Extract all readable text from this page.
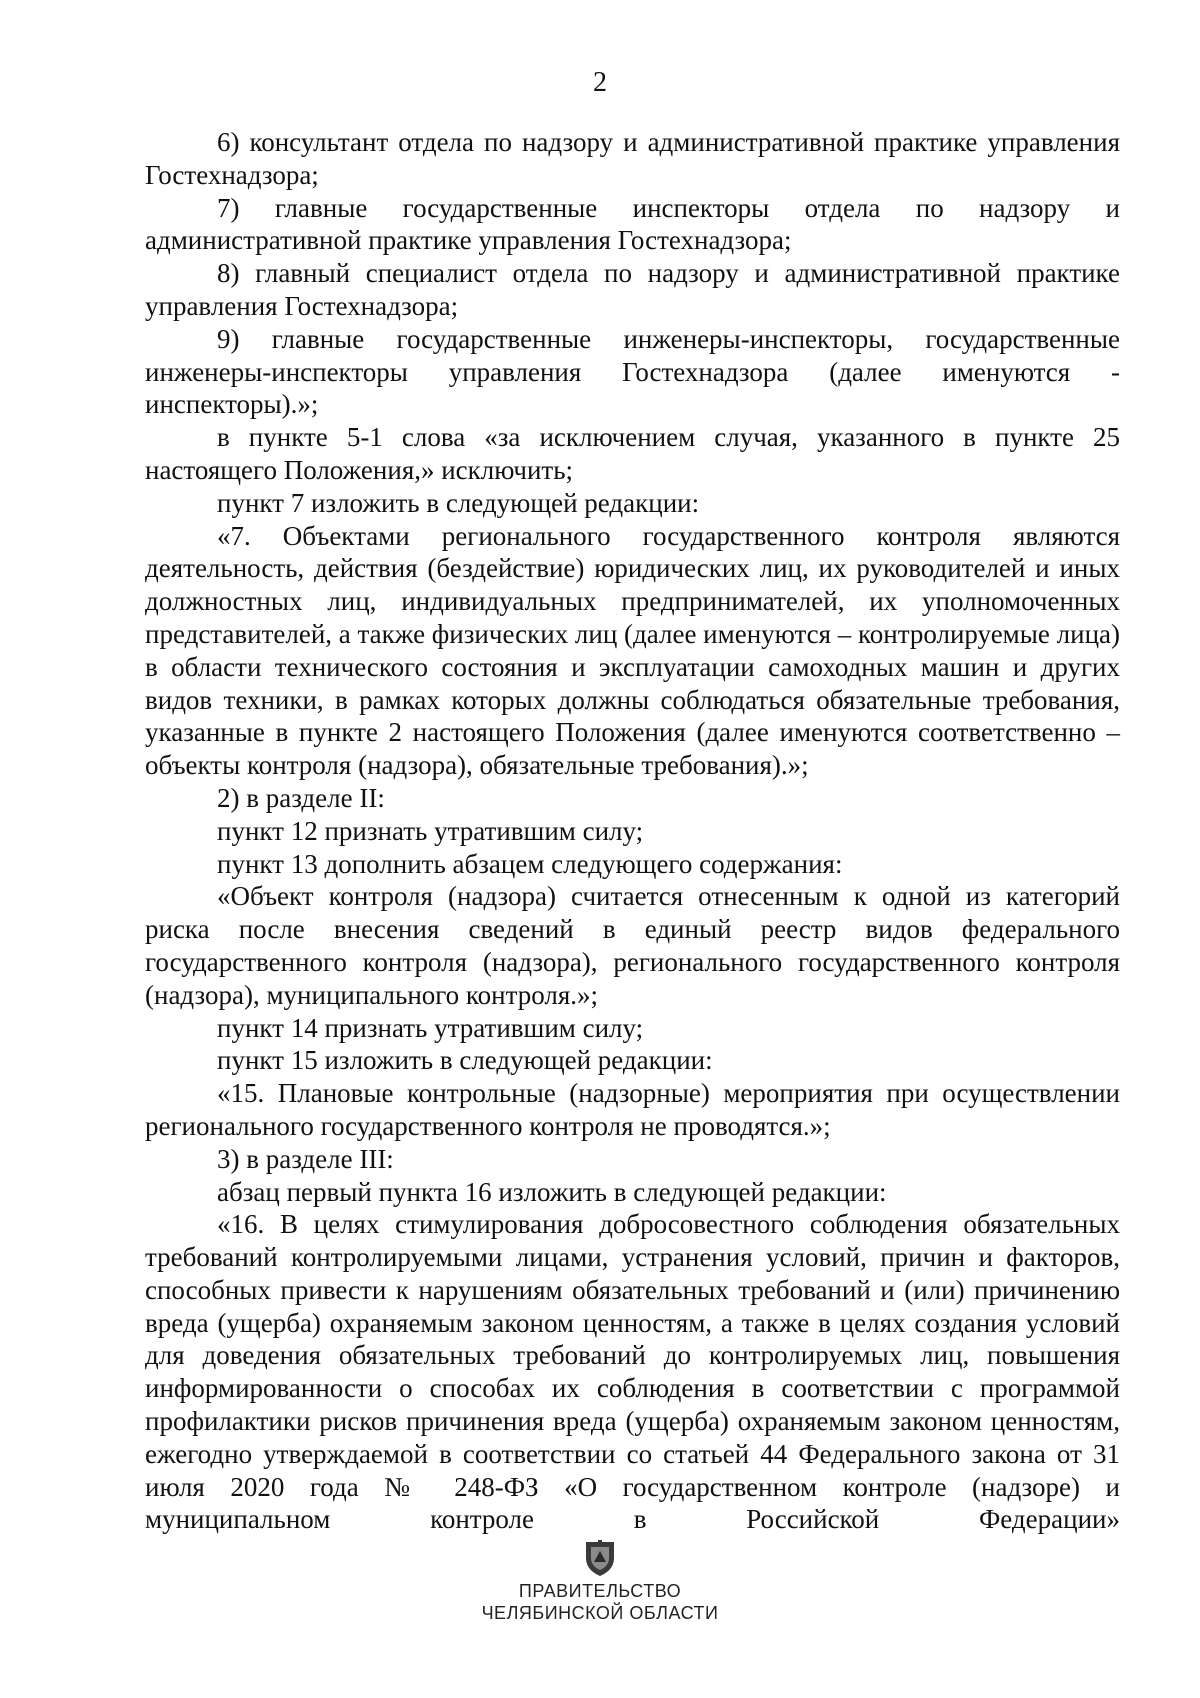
2

6) консультант отдела по надзору и административной практике управления Гостехнадзора;

7) главные государственные инспекторы отдела по надзору и административной практике управления Гостехнадзора;

8) главный специалист отдела по надзору и административной практике управления Гостехнадзора;

9) главные государственные инженеры-инспекторы, государственные инженеры-инспекторы управления Гостехнадзора (далее именуются - инспекторы).»;

в пункте 5-1 слова «за исключением случая, указанного в пункте 25 настоящего Положения,» исключить;

пункт 7 изложить в следующей редакции:

«7. Объектами регионального государственного контроля являются деятельность, действия (бездействие) юридических лиц, их руководителей и иных должностных лиц, индивидуальных предпринимателей, их уполномоченных представителей, а также физических лиц (далее именуются – контролируемые лица) в области технического состояния и эксплуатации самоходных машин и других видов техники, в рамках которых должны соблюдаться обязательные требования, указанные в пункте 2 настоящего Положения (далее именуются соответственно – объекты контроля (надзора), обязательные требования).»;

2) в разделе II:

пункт 12 признать утратившим силу;

пункт 13 дополнить абзацем следующего содержания:

«Объект контроля (надзора) считается отнесенным к одной из категорий риска после внесения сведений в единый реестр видов федерального государственного контроля (надзора), регионального государственного контроля (надзора), муниципального контроля.»;

пункт 14 признать утратившим силу;

пункт 15 изложить в следующей редакции:

«15. Плановые контрольные (надзорные) мероприятия при осуществлении регионального государственного контроля не проводятся.»;

3) в разделе III:

абзац первый пункта 16 изложить в следующей редакции:

«16. В целях стимулирования добросовестного соблюдения обязательных требований контролируемыми лицами, устранения условий, причин и факторов, способных привести к нарушениям обязательных требований и (или) причинению вреда (ущерба) охраняемым законом ценностям, а также в целях создания условий для доведения обязательных требований до контролируемых лиц, повышения информированности о способах их соблюдения в соответствии с программой профилактики рисков причинения вреда (ущерба) охраняемым законом ценностям, ежегодно утверждаемой в соответствии со статьей 44 Федерального закона от 31 июля 2020 года № 248-ФЗ «О государственном контроле (надзоре) и муниципальном контроле в Российской Федерации»

ПРАВИТЕЛЬСТВО
ЧЕЛЯБИНСКОЙ ОБЛАСТИ
